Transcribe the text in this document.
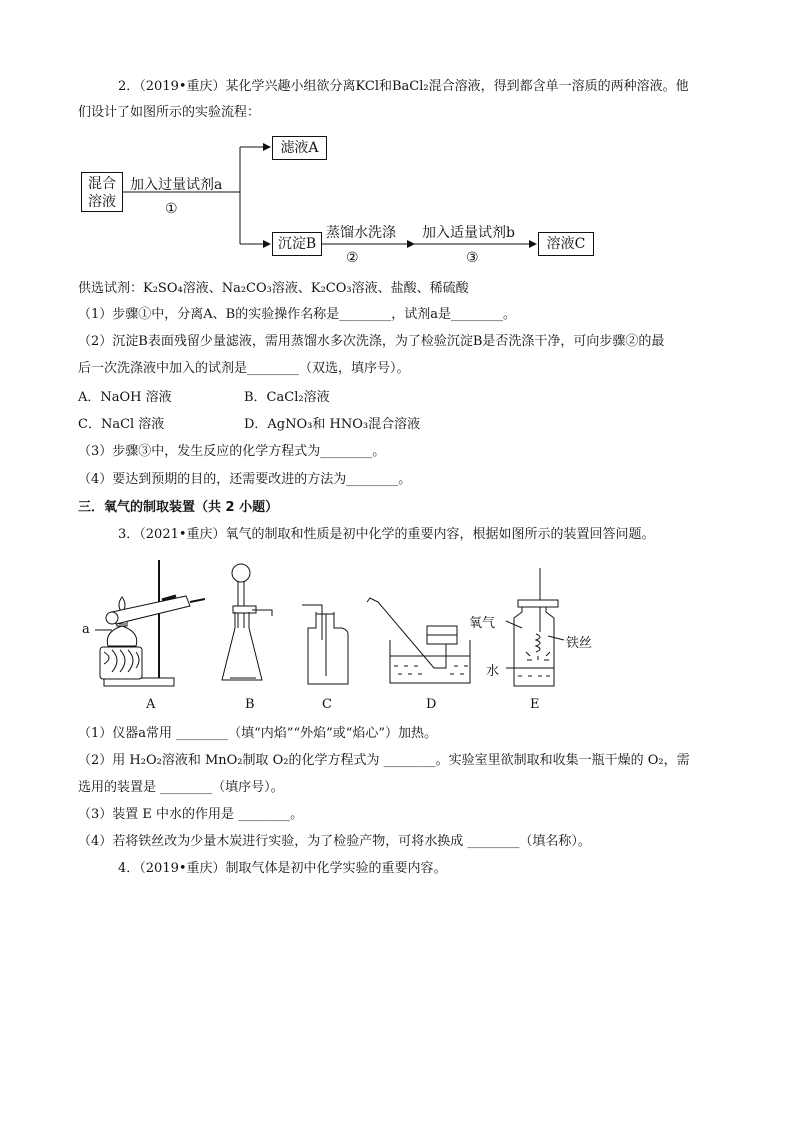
2．（2019•重庆）某化学兴趣小组欲分离KCl和BaCl₂混合溶液，得到都含单一溶质的两种溶液。他
们设计了如图所示的实验流程：
混合
溶液
加入过量试剂a
①
滤液A
沉淀B
蒸馏水洗涤
②
加入适量试剂b
③
溶液C
供选试剂：K₂SO₄溶液、Na₂CO₃溶液、K₂CO₃溶液、盐酸、稀硫酸
（1）步骤①中，分离A、B的实验操作名称是________，试剂a是________。
（2）沉淀B表面残留少量滤液，需用蒸馏水多次洗涤，为了检验沉淀B是否洗涤干净，可向步骤②的最
后一次洗涤液中加入的试剂是________（双选，填序号）。
A．NaOH 溶液	B．CaCl₂溶液
C．NaCl 溶液	D．AgNO₃和 HNO₃混合溶液
（3）步骤③中，发生反应的化学方程式为________。
（4）要达到预期的目的，还需要改进的方法为________。
三．氧气的制取装置（共 2 小题）
3．（2021•重庆）氧气的制取和性质是初中化学的重要内容，根据如图所示的装置回答问题。
a	氧气
铁丝
水
A	B	C	D	E
（1）仪器a常用 ________（填“内焰”“外焰”或“焰心”）加热。
（2）用 H₂O₂溶液和 MnO₂制取 O₂的化学方程式为 ________。实验室里欲制取和收集一瓶干燥的 O₂，需
选用的装置是 ________（填序号）。
（3）装置 E 中水的作用是 ________。
（4）若将铁丝改为少量木炭进行实验，为了检验产物，可将水换成 ________（填名称）。
4．（2019•重庆）制取气体是初中化学实验的重要内容。
